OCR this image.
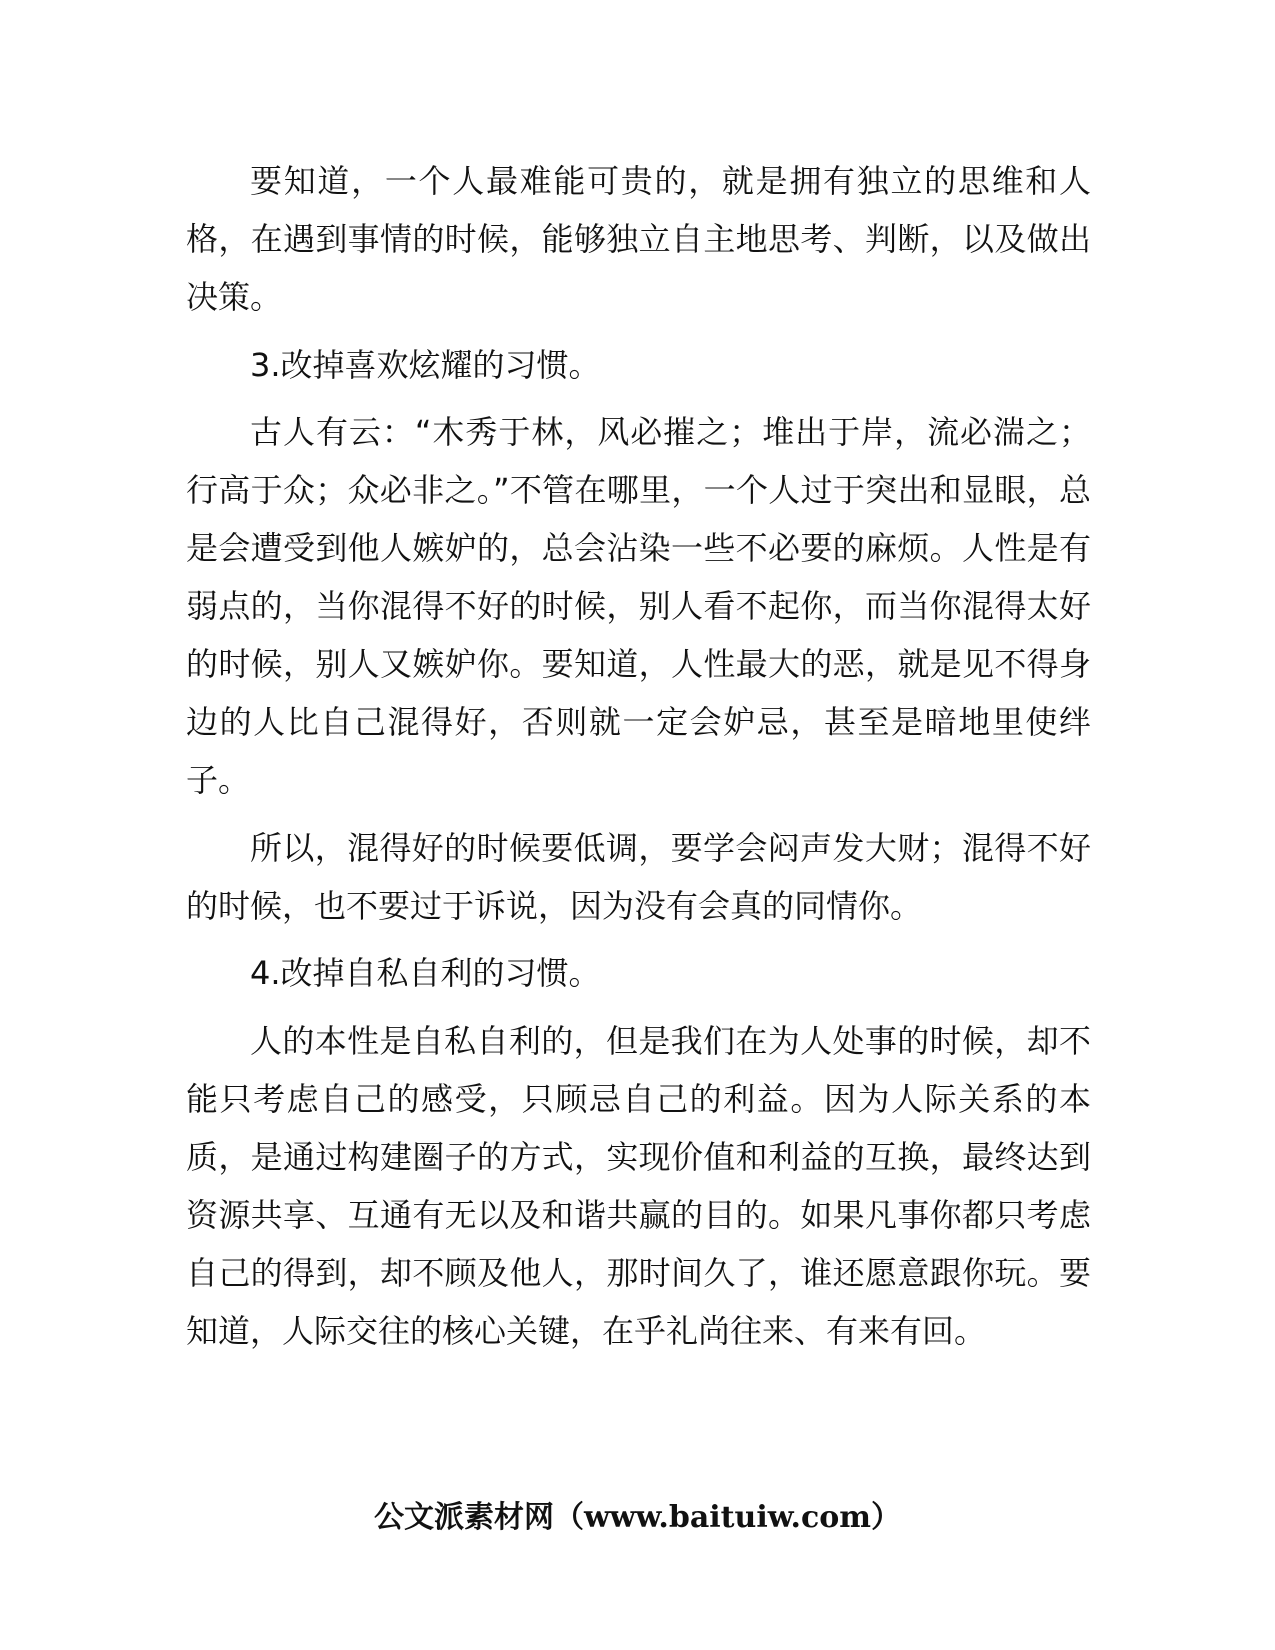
要知道，一个人最难能可贵的，就是拥有独立的思维和人格，在遇到事情的时候，能够独立自主地思考、判断，以及做出决策。

3.改掉喜欢炫耀的习惯。

古人有云：“木秀于林，风必摧之；堆出于岸，流必湍之；行高于众；众必非之。”不管在哪里，一个人过于突出和显眼，总是会遭受到他人嫉妒的，总会沾染一些不必要的麻烦。人性是有弱点的，当你混得不好的时候，别人看不起你，而当你混得太好的时候，别人又嫉妒你。要知道，人性最大的恶，就是见不得身边的人比自己混得好，否则就一定会妒忌，甚至是暗地里使绊子。

所以，混得好的时候要低调，要学会闷声发大财；混得不好的时候，也不要过于诉说，因为没有会真的同情你。

4.改掉自私自利的习惯。

人的本性是自私自利的，但是我们在为人处事的时候，却不能只考虑自己的感受，只顾忌自己的利益。因为人际关系的本质，是通过构建圈子的方式，实现价值和利益的互换，最终达到资源共享、互通有无以及和谐共赢的目的。如果凡事你都只考虑自己的得到，却不顾及他人，那时间久了，谁还愿意跟你玩。要知道，人际交往的核心关键，在乎礼尚往来、有来有回。

公文派素材网（www.baituiw.com）
